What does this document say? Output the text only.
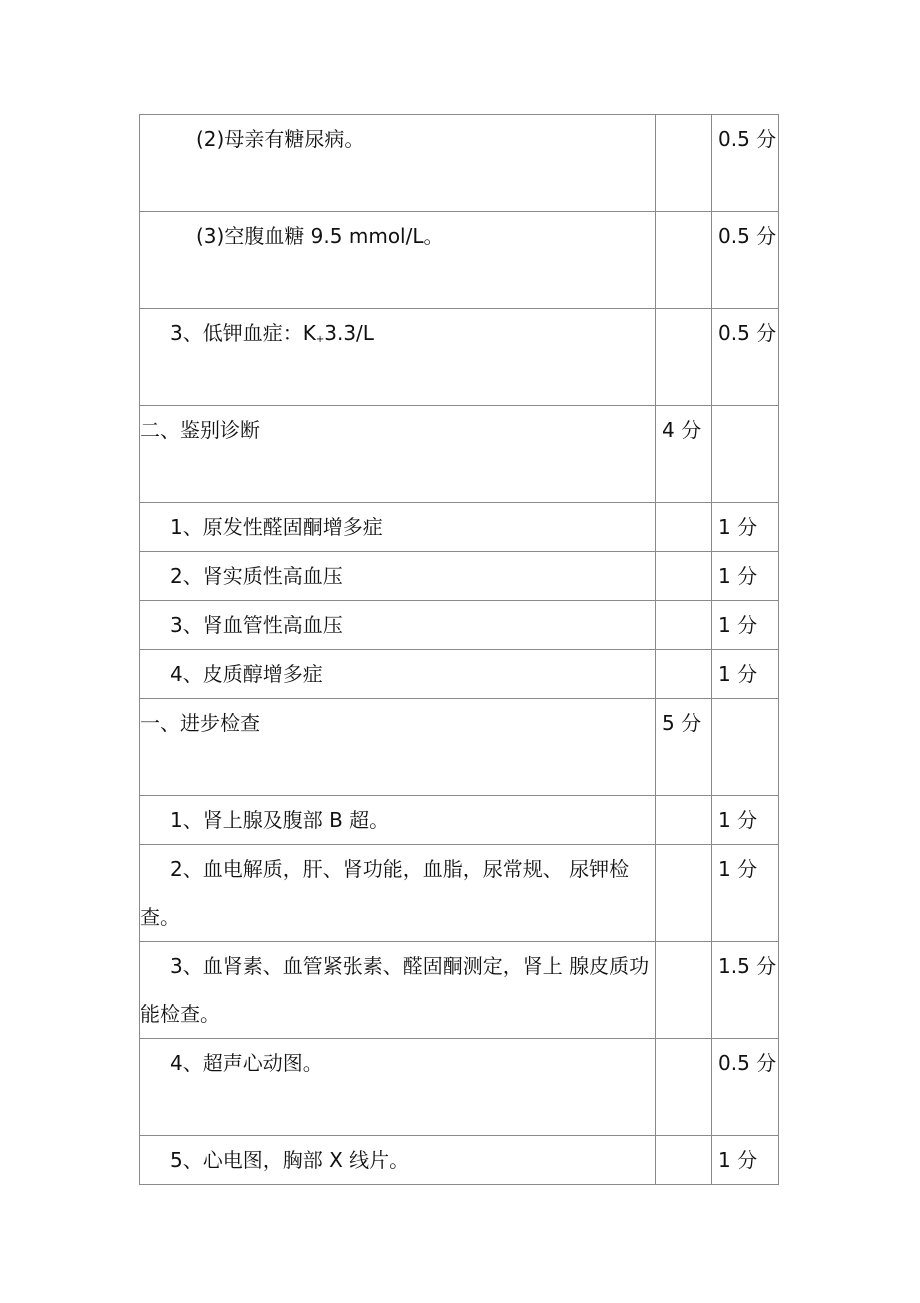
(2)母亲有糖尿病。		0.5 分

(3)空腹血糖 9.5 mmol/L。		0.5 分

3、低钾血症：$K_+3.3/L$		0.5 分

二、鉴别诊断	4 分	

1、原发性醛固酮增多症		1 分

2、肾实质性高血压		1 分

3、肾血管性高血压		1 分

4、皮质醇增多症		1 分

一、进步检查	5 分	

1、肾上腺及腹部 B 超。		1 分

2、血电解质，肝、肾功能，血脂，尿常规、 尿钾检查。		1 分

3、血肾素、血管紧张素、醛固酮测定，肾上 腺皮质功能检查。		1.5 分

4、超声心动图。		0.5 分

5、心电图，胸部 X 线片。		1 分
